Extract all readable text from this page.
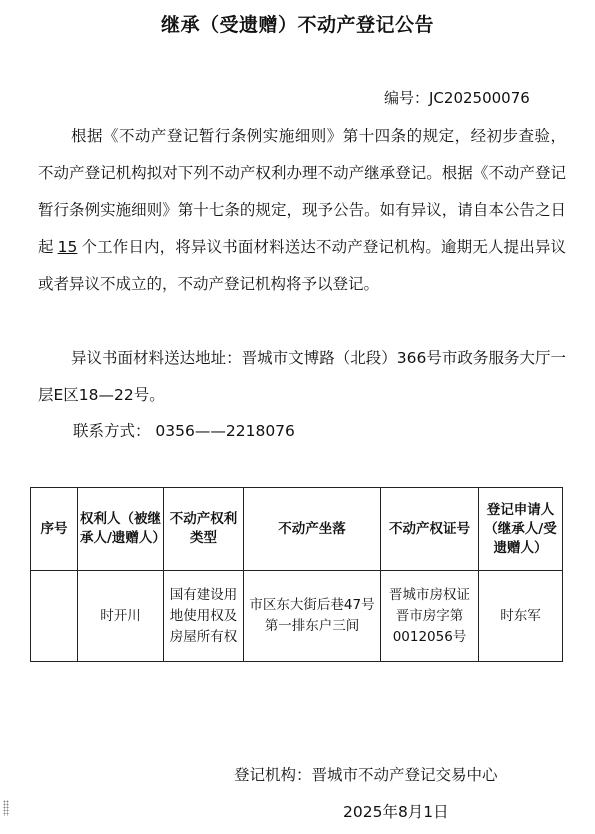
继承（受遗赠）不动产登记公告
编号：JC202500076
根据《不动产登记暂行条例实施细则》第十四条的规定，经初步查验，不动产登记机构拟对下列不动产权利办理不动产继承登记。根据《不动产登记暂行条例实施细则》第十七条的规定，现予公告。如有异议，请自本公告之日起 15 个工作日内，将异议书面材料送达不动产登记机构。逾期无人提出异议或者异议不成立的，不动产登记机构将予以登记。
异议书面材料送达地址：晋城市文博路（北段）366号市政务服务大厅一层E区18—22号。
联系方式： 0356——2218076
序号	权利人（被继承人/遗赠人）	不动产权利类型	不动产坐落	不动产权证号	登记申请人（继承人/受遗赠人）
	时开川	国有建设用地使用权及房屋所有权	市区东大街后巷47号第一排东户三间	晋城市房权证晋市房字第0012056号	时东军
登记机构：晋城市不动产登记交易中心
2025年8月1日
